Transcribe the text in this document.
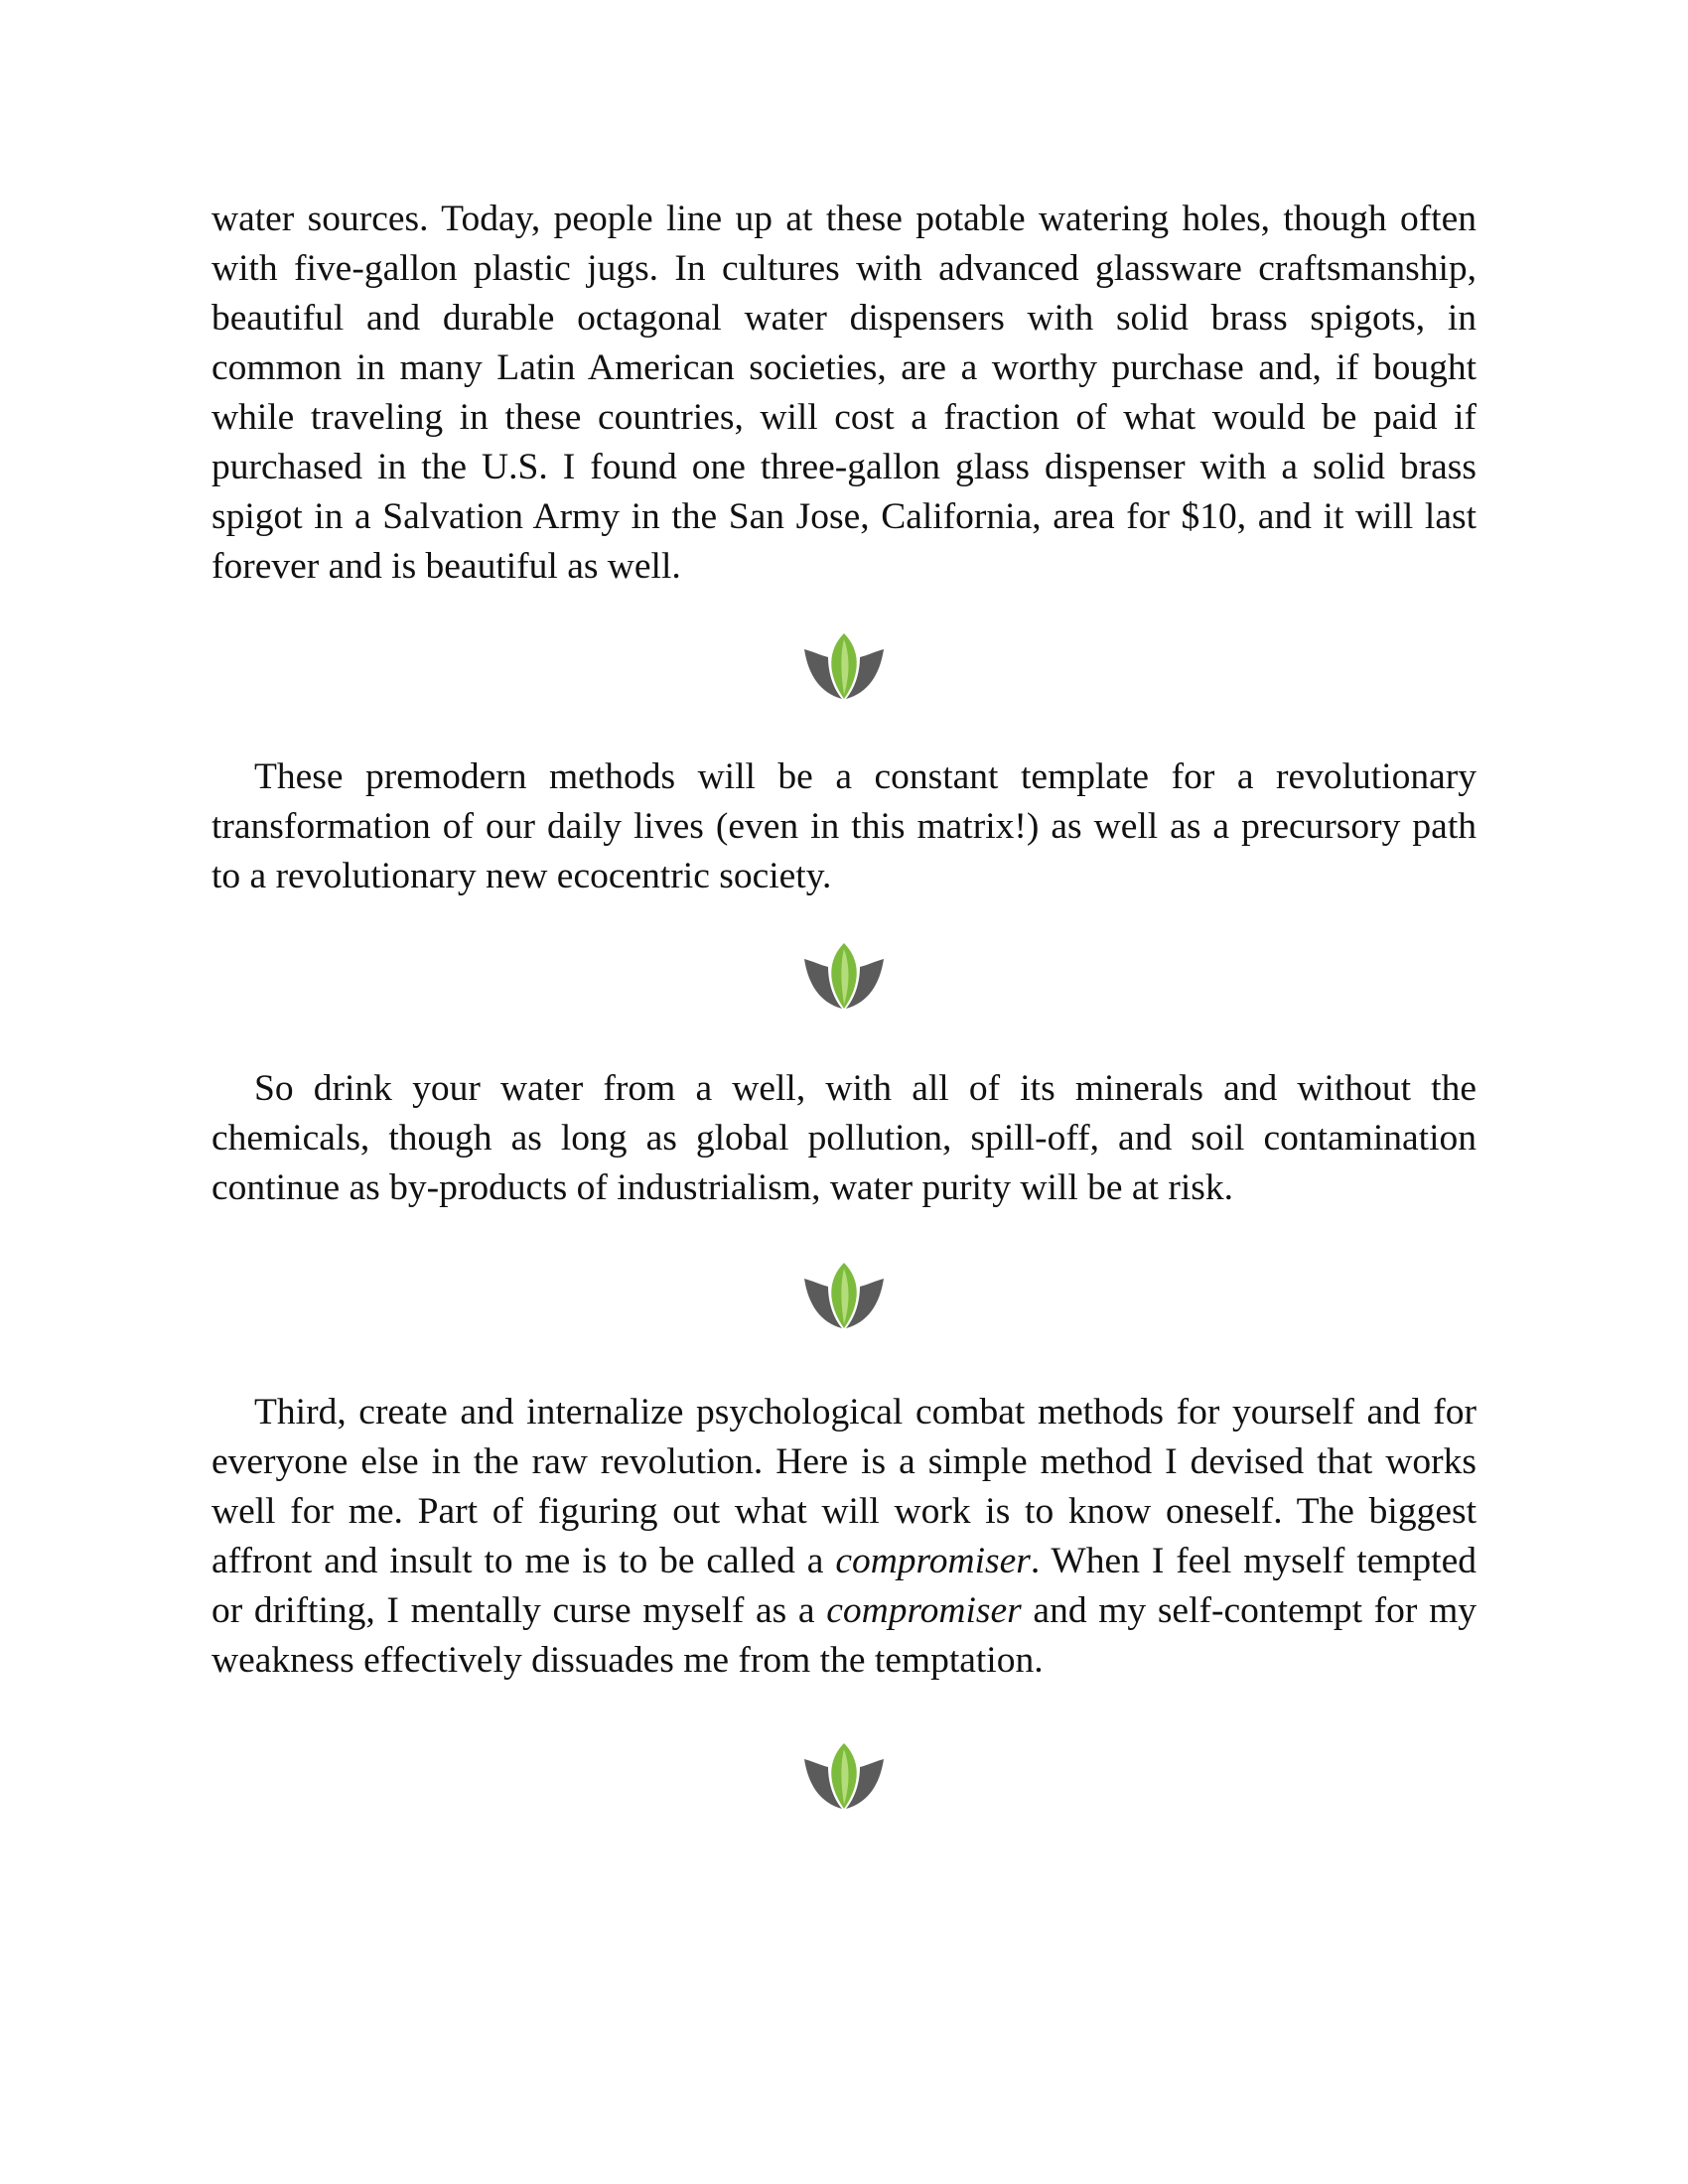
water sources. Today, people line up at these potable watering holes, though often with five-gallon plastic jugs. In cultures with advanced glassware craftsmanship, beautiful and durable octagonal water dispensers with solid brass spigots, in common in many Latin American societies, are a worthy purchase and, if bought while traveling in these countries, will cost a fraction of what would be paid if purchased in the U.S. I found one three-gallon glass dispenser with a solid brass spigot in a Salvation Army in the San Jose, California, area for $10, and it will last forever and is beautiful as well.

These premodern methods will be a constant template for a revolutionary transformation of our daily lives (even in this matrix!) as well as a precursory path to a revolutionary new ecocentric society.

So drink your water from a well, with all of its minerals and without the chemicals, though as long as global pollution, spill-off, and soil contamination continue as by-products of industrialism, water purity will be at risk.

Third, create and internalize psychological combat methods for yourself and for everyone else in the raw revolution. Here is a simple method I devised that works well for me. Part of figuring out what will work is to know oneself. The biggest affront and insult to me is to be called a compromiser. When I feel myself tempted or drifting, I mentally curse myself as a compromiser and my self-contempt for my weakness effectively dissuades me from the temptation.
